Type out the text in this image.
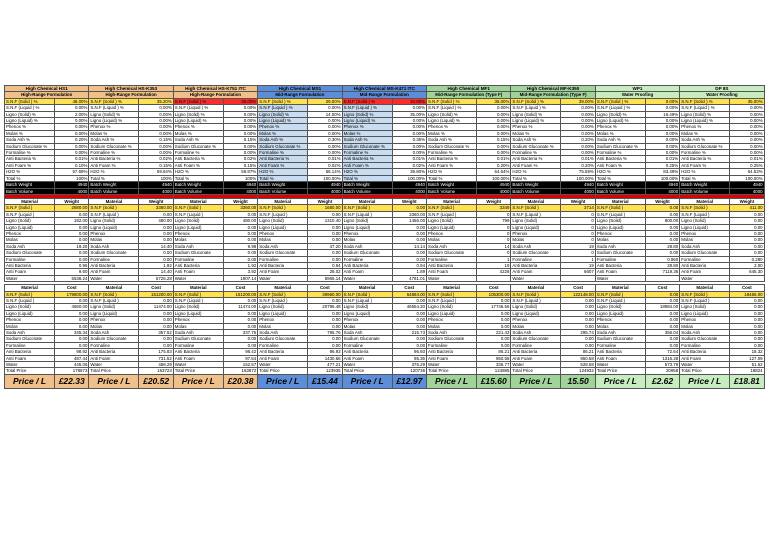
High Chemical HS1		High Chemical HS-K353		High Chemical HS-K751 ITC		High Chemical MS1		High Chemical MS-K471 ITC		High Chemical MF1		High Chemical MF-K350		WP1		DP 8S	
High-Range Formulation		High-Range Formulation		High-Range Formulation		Mid-Range Formulation		Mid-Range Formulation		Mid-Range Formulation (Type F)		Mid-Range Formulation (Type F)		Water Proofing		Water Proofing	
S.N.F (Solid ) %	48.00%	S.N.F (Solid ) %	35.20%	S.N.F (Solid ) %	35.00%	S.N.F (Solid ) %	29.00%	S.N.F (Solid ) %	10.00%	S.N.F (Solid ) %	35.00%	S.N.F (Solid ) %	39.00%	S.N.F (Solid ) %	0.00%	S.N.F (Solid ) %	35.00%
S.N.F (Liquid ) %	0.00%	S.N.F (Liquid ) %	0.00%	S.N.F (Liquid ) %	0.00%	S.N.F (Liquid ) %	0.00%	S.N.F (Liquid ) %	0.00%	S.N.F (Liquid ) %	0.00%	S.N.F (Liquid ) %	0.00%	S.N.F (Liquid ) %	0.00%	S.N.F (Liquid ) %	0.00%
Ligno (Solid) %	2.00%	Ligno (Solid) %	0.00%	Ligno (Solid) %	0.00%	Ligno (Solid) %	14.00%	Ligno (Solid) %	35.00%	Ligno (Solid) %	0.00%	Ligno (Solid) %	0.00%	Ligno (Solid) %	16.49%	Ligno (Solid) %	0.00%
Ligno (Liquid) %	0.00%	Ligno (Liquid) %	0.00%	Ligno (Liquid) %	0.00%	Ligno (Liquid) %	0.00%	Ligno (Liquid) %	0.00%	Ligno (Liquid) %	0.00%	Ligno (Liquid) %	0.00%	Ligno (Liquid) %	0.00%	Ligno (Liquid) %	0.00%
Phenox %	0.00%	Phenox %	0.00%	Phenox %	0.00%	Phenox %	0.00%	Phenox %	0.00%	Phenox %	0.00%	Phenox %	0.00%	Phenox %	0.00%	Phenox %	0.00%
Molas %	0.00%	Molas %	0.00%	Molas %	0.00%	Molas %	0.00%	Molas %	0.00%	Molas %	0.00%	Molas %	0.00%	Molas %	0.00%	Molas %	0.00%
Soda Ash %	0.20%	Soda Ash %	0.15%	Soda Ash %	0.15%	Soda Ash %	0.30%	Soda Ash %	0.35%	Soda Ash %	0.15%	Soda Ash %	0.20%	Soda Ash %	0.00%	Soda Ash %	0.00%
Sodium Gluconate %	0.00%	Sodium Gluconate %	0.00%	Sodium Gluconate %	0.00%	Sodium Gluconate %	0.00%	Sodium Gluconate %	0.00%	Sodium Gluconate %	0.00%	Sodium Gluconate %	0.00%	Sodium Gluconate %	0.00%	Sodium Gluconate %	0.00%
Formaline %	0.00%	Formaline %	0.00%	Formaline %	0.00%	Formaline %	0.00%	Formaline %	0.00%	Formaline %	0.00%	Formaline %	0.00%	Formaline %	0.00%	Formaline %	0.00%
Anti Bacteria %	0.01%	Anti Bacteria %	0.02%	Anti Bacteria %	0.02%	Anti Bacteria %	0.01%	Anti Bacteria %	0.01%	Anti Bacteria %	0.01%	Anti Bacteria %	0.01%	Anti Bacteria %	0.01%	Anti Bacteria %	0.01%
Anti Foam %	0.10%	Anti Foam %	0.15%	Anti Foam %	0.15%	Anti Foam %	0.02%	Anti Foam %	0.02%	Anti Foam %	0.20%	Anti Foam %	0.20%	Anti Foam %	0.25%	Anti Foam %	0.25%
H2O %	57.69%	H2O %	59.64%	H2O %	59.87%	H2O %	56.14%	H2O %	39.80%	H2O %	64.64%	H2O %	75.59%	H2O %	83.49%	H2O %	64.53%
Total %	100%	Total %	100%	Total %	100%	Total %	100.00%	Total %	100.00%	Total %	100.00%	Total %	100.00%	Total %	100.00%	Total %	100.00%
Batch Weight	4940	Batch Weight	4940	Batch Weight	4940	Batch Weight	4940	Batch Weight	4940	Batch Weight	4940	Batch Weight	4940	Batch Weight	4940	Batch Weight	4940
Batch Volume	4000	Batch Volume	4000	Batch Volume	4000	Batch Volume	4000	Batch Volume	4000	Batch Volume	4000	Batch Volume	4000	Batch Volume	4000	Batch Volume	4000

Material	Weight	Material	Weight	Material	Weight	Material	Weight	Material	Weight	Material	Weight	Material	Weight	Material	Weight	Material	Weight
S.N.F (Solid )	2880.00	S.N.F (Solid )	3360.00	S.N.F (Solid )	3360.00	S.N.F (Solid )	1680.00	S.N.F (Solid )	0.00	S.N.F (Solid )	3349	S.N.F (Solid )	3714	S.N.F (Solid )	0.00	S.N.F (Solid )	411.00
S.N.F (Liquid )	0.00	S.N.F (Liquid )	0.00	S.N.F (Liquid )	0.00	S.N.F (Liquid )	0.00	S.N.F (Liquid )	3360.00	S.N.F (Liquid )	0	S.N.F (Liquid )	0	S.N.F (Liquid )	0.00	S.N.F (Liquid )	0.00
Ligno (Solid)	192.00	Ligno (Solid)	480.00	Ligno (Solid)	480.00	Ligno (Solid)	1310.40	Ligno (Solid)	1456.00	Ligno (Solid)	799	Ligno (Solid)	0	Ligno (Solid)	800.00	Ligno (Solid)	0.00
Ligno (Liquid)	0.00	Ligno (Liquid)	0.00	Ligno (Liquid)	0.00	Ligno (Liquid)	0.00	Ligno (Liquid)	0.00	Ligno (Liquid)	0	Ligno (Liquid)	0	Ligno (Liquid)	0.00	Ligno (Liquid)	0.00
Phenox	0.00	Phenox	0.00	Phenox	0.00	Phenox	0.00	Phenox	0.00	Phenox	0	Phenox	0	Phenox	0.00	Phenox	0.00
Molas	0.00	Molas	0.00	Molas	0.00	Molas	0.00	Molas	0.00	Molas	0	Molas	0	Molas	0.00	Molas	0.00
Soda Ash	19.20	Soda Ash	14.40	Soda Ash	9.98	Soda Ash	47.20	Soda Ash	14.14	Soda Ash	14	Soda Ash	19	Soda Ash	28.80	Soda Ash	0.00
Sodium Gluconate	0.00	Sodium Gluconate	0.00	Sodium Gluconate	0.00	Sodium Gluconate	0.00	Sodium Gluconate	0.00	Sodium Gluconate	0	Sodium Gluconate	0	Sodium Gluconate	0.00	Sodium Gluconate	0.00
Formaline	0.00	Formaline	0.00	Formaline	0.00	Formaline	0.00	Formaline	0.00	Formaline	1	Formaline	1	Formaline	0.960	Formaline	0.280
Anti Bacteria	0.96	Anti Bacteria	1.92	Anti Bacteria	1.92	Anti Bacteria	0.94	Anti Bacteria	0.94	Anti Bacteria	19	Anti Bacteria	19	Anti Bacteria	28.80	Anti Bacteria	2.00
Anti Foam	9.60	Anti Foam	14.40	Anti Foam	3.92	Anti Foam	28.02	Anti Foam	1.89	Anti Foam	4228	Anti Foam	6607	Anti Foam	7119.36	Anti Foam	645.30
Water	5538.24	Water	5725.28	Water	1907.14	Water	5965.14	Water	4781.01	Water		Water		Water		Water	

Material	Cost	Material	Cost	Material	Cost	Material	Cost	Material	Cost	Material	Cost	Material	Cost	Material	Cost	Material	Cost
S.N.F (Solid )	179800.00	S.N.F (Solid )	151200.00	S.N.F (Solid )	151200.00	S.N.F (Solid )	39960.00	S.N.F (Solid )	64884.00	S.N.F (Solid )	105300.00	S.N.F (Solid )	122148.00	S.N.F (Solid )	0.00	S.N.F (Solid )	18465.00
S.N.F (Liquid )	0.00	S.N.F (Liquid )	0.00	S.N.F (Liquid )	0.00	S.N.F (Liquid )	0.00	S.N.F (Liquid )	0.00	S.N.F (Liquid )	0.00	S.N.F (Liquid )	0.00	S.N.F (Liquid )	0.00	S.N.F (Liquid )	0.00
Ligno (Solid)	4560.00	Ligno (Solid)	11474.00	Ligno (Solid)	11474.00	Ligno (Solid)	20796.48	Ligno (Solid)	46554.20	Ligno (Solid)	17746.56	Ligno (Solid)	0.00	Ligno (Solid)	18984.00	Ligno (Solid)	0.00
Ligno (Liquid)	0.00	Ligno (Liquid)	0.00	Ligno (Liquid)	0.00	Ligno (Liquid)	0.00	Ligno (Liquid)	0.00	Ligno (Liquid)	0.00	Ligno (Liquid)	0.00	Ligno (Liquid)	0.00	Ligno (Liquid)	0.00
Phenox	0.00	Phenox	0.00	Phenox	0.00	Phenox	0.00	Phenox	0.00	Phenox	0.00	Phenox	0.00	Phenox	0.00	Phenox	0.00
Molas	0.00	Molas	0.00	Molas	0.00	Molas	0.00	Molas	0.00	Molas	0.00	Molas	0.00	Molas	0.00	Molas	0.00
Soda Ash	345.34	Soda Ash	357.52	Soda Ash	337.75	Soda Ash	795.76	Soda Ash	215.73	Soda Ash	221.43	Soda Ash	295.74	Soda Ash	356.04	Soda Ash	0.00
Sodium Gluconate	0.00	Sodium Gluconate	0.00	Sodium Gluconate	0.00	Sodium Gluconate	0.00	Sodium Gluconate	0.00	Sodium Gluconate	0.00	Sodium Gluconate	0.00	Sodium Gluconate	0.00	Sodium Gluconate	0.00
Formaline	0.00	Formaline	0.00	Formaline	0.00	Formaline	0.00	Formaline	0.00	Formaline	0.00	Formaline	0.00	Formaline	0.00	Formaline	0.00
Anti Bacteria	98.92	Anti Bacteria	175.83	Anti Bacteria	98.42	Anti Bacteria	96.93	Anti Bacteria	96.93	Anti Bacteria	86.21	Anti Bacteria	86.21	Anti Bacteria	72.64	Anti Bacteria	18.32
Anti Foam	487.44	Anti Foam	731.52	Anti Foam	97.54	Anti Foam	1430.66	Anti Foam	95.35	Anti Foam	950.58	Anti Foam	950.58	Anti Foam	1316.28	Anti Foam	127.09
Water	445.06	Water	458.29	Water	152.57	Water	477.21	Water	376.29	Water	336.77	Water	528.58	Water	573.79	Water	51.62
Total Price	178673	Total Price	163723	Total Price	163872	Total Price	123935	Total Price	120736	Total Price	124885	Total Price	124932	Total Price	20958	Total Price	18824
Price / L	£22.33	Price / L	£20.52	Price / L	£20.38	Price / L	£15.44	Price / L	£12.97	Price / L	£15.60	Price / L	15.50	Price / L	£2.62	Price / L	£18.81
